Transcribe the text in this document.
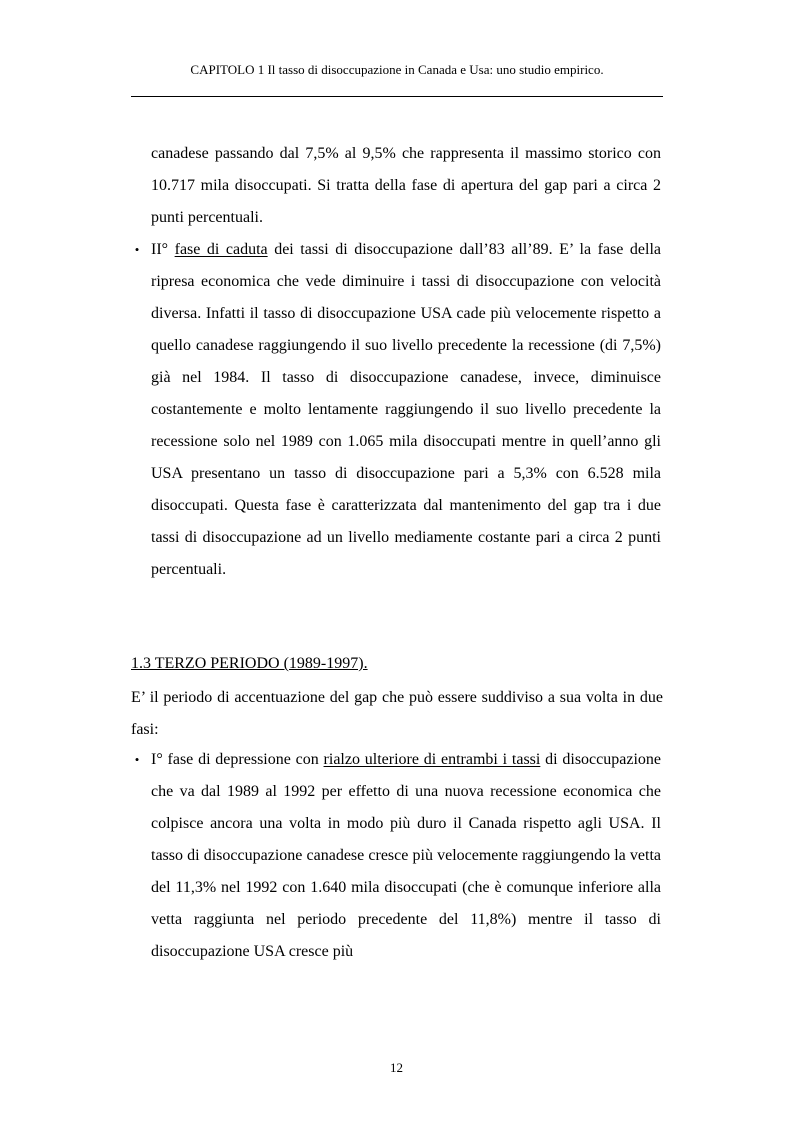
CAPITOLO 1 Il tasso di disoccupazione in Canada e Usa: uno studio empirico.
canadese passando dal 7,5% al 9,5% che rappresenta il massimo storico con 10.717 mila disoccupati. Si tratta della fase di apertura del gap pari a circa 2 punti percentuali.
• II° fase di caduta dei tassi di disoccupazione dall’83 all’89. E’ la fase della ripresa economica che vede diminuire i tassi di disoccupazione con velocità diversa. Infatti il tasso di disoccupazione USA cade più velocemente rispetto a quello canadese raggiungendo il suo livello precedente la recessione (di 7,5%) già nel 1984. Il tasso di disoccupazione canadese, invece, diminuisce costantemente e molto lentamente raggiungendo il suo livello precedente la recessione solo nel 1989 con 1.065 mila disoccupati mentre in quell’anno gli USA presentano un tasso di disoccupazione pari a 5,3% con 6.528 mila disoccupati. Questa fase è caratterizzata dal mantenimento del gap tra i due tassi di disoccupazione ad un livello mediamente costante pari a circa 2 punti percentuali.
1.3 TERZO PERIODO (1989-1997).
E’ il periodo di accentuazione del gap che può essere suddiviso a sua volta in due fasi:
• I° fase di depressione con rialzo ulteriore di entrambi i tassi di disoccupazione che va dal 1989 al 1992 per effetto di una nuova recessione economica che colpisce ancora una volta in modo più duro il Canada rispetto agli USA. Il tasso di disoccupazione canadese cresce più velocemente raggiungendo la vetta del 11,3% nel 1992 con 1.640 mila disoccupati (che è comunque inferiore alla vetta raggiunta nel periodo precedente del 11,8%) mentre il tasso di disoccupazione USA cresce più
12
